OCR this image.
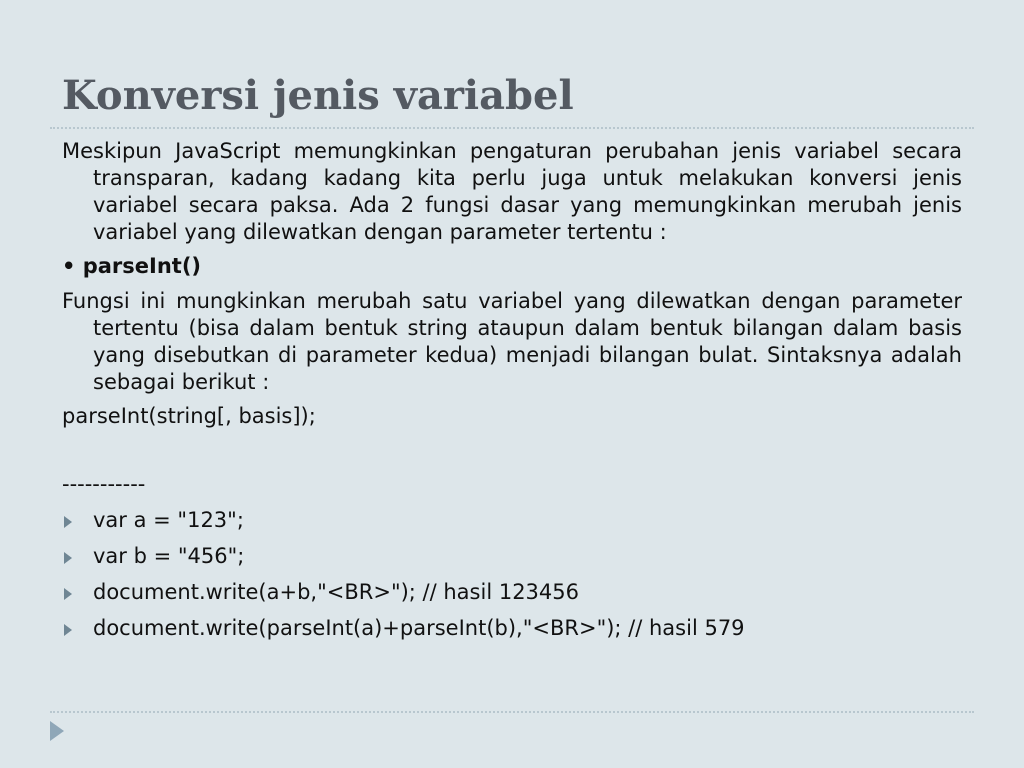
Konversi jenis variabel

Meskipun JavaScript memungkinkan pengaturan perubahan jenis variabel secara transparan, kadang kadang kita perlu juga untuk melakukan konversi jenis variabel secara paksa. Ada 2 fungsi dasar yang memungkinkan merubah jenis variabel yang dilewatkan dengan parameter tertentu :

• parseInt()

Fungsi ini mungkinkan merubah satu variabel yang dilewatkan dengan parameter tertentu (bisa dalam bentuk string ataupun dalam bentuk bilangan dalam basis yang disebutkan di parameter kedua) menjadi bilangan bulat. Sintaksnya adalah sebagai berikut :

parseInt(string[, basis]);
-----------
var a = "123";
var b = "456";
document.write(a+b,"<BR>"); // hasil 123456
document.write(parseInt(a)+parseInt(b),"<BR>"); // hasil 579
